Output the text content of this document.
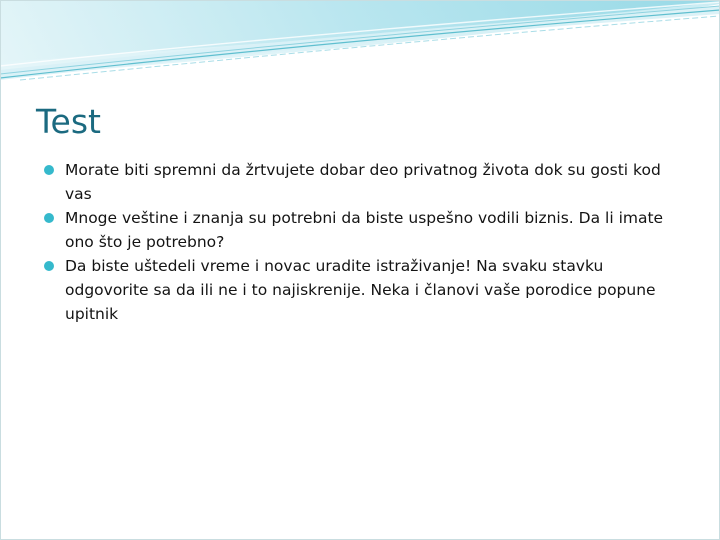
Test
Morate biti spremni da žrtvujete dobar deo privatnog života dok su gosti kod vas
Mnoge veštine i znanja su potrebni da biste uspešno vodili biznis. Da li imate ono što je potrebno?
Da biste uštedeli vreme i novac uradite istraživanje! Na svaku stavku odgovorite sa da ili ne i to najiskrenije. Neka i članovi vaše porodice popune upitnik
